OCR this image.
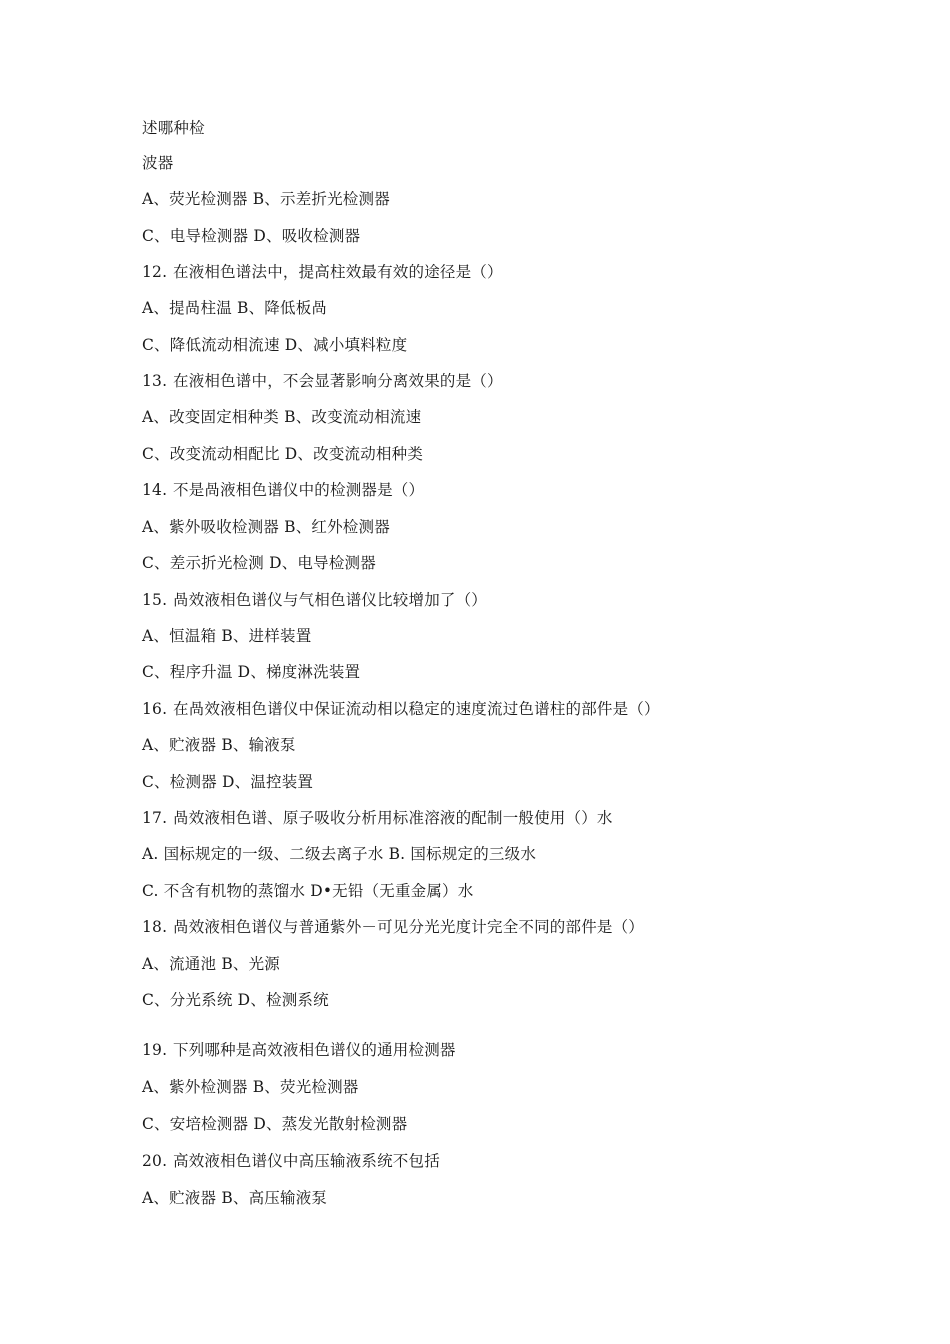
述哪种检
波器
A、荧光检测器 B、示差折光检测器
C、电导检测器 D、吸收检测器
12. 在液相色谱法中，提高柱效最有效的途径是（）
A、提咼柱温 B、降低板咼
C、降低流动相流速 D、减小填料粒度
13. 在液相色谱中，不会显著影响分离效果的是（）
A、改变固定相种类 B、改变流动相流速
C、改变流动相配比 D、改变流动相种类
14. 不是咼液相色谱仪中的检测器是（）
A、紫外吸收检测器 B、红外检测器
C、差示折光检测 D、电导检测器
15. 咼效液相色谱仪与气相色谱仪比较增加了（）
A、恒温箱 B、进样装置
C、程序升温 D、梯度淋洗装置
16. 在咼效液相色谱仪中保证流动相以稳定的速度流过色谱柱的部件是（）
A、贮液器 B、输液泵
C、检测器 D、温控装置
17. 咼效液相色谱、原子吸收分析用标准溶液的配制一般使用（）水
A. 国标规定的一级、二级去离子水 B. 国标规定的三级水
C. 不含有机物的蒸馏水 D•无铅（无重金属）水
18. 咼效液相色谱仪与普通紫外－可见分光光度计完全不同的部件是（）
A、流通池 B、光源
C、分光系统 D、检测系统
19. 下列哪种是高效液相色谱仪的通用检测器
A、紫外检测器 B、荧光检测器
C、安培检测器 D、蒸发光散射检测器
20. 高效液相色谱仪中高压输液系统不包括
A、贮液器 B、高压输液泵
